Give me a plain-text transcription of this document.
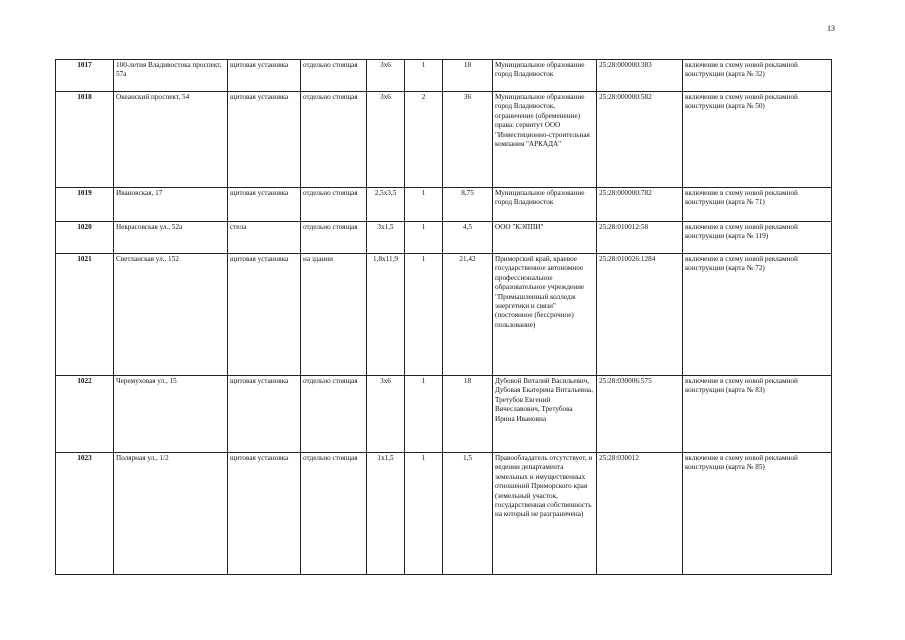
13
1017	100-летия Владивостока проспект, 57а	щитовая установка	отдельно стоящая	3x6	1	18	Муниципальное образование город Владивосток	25:28:000000:383	включение в схему новой рекламной конструкции (карта № 32)
1018	Океанский проспект, 54	щитовая установка	отдельно стоящая	3x6	2	36	Муниципальное образование город Владивосток, ограничение (обременение) права: сервитут ООО "Инвестиционно-строительная компания "АРКАДА"	25:28:000000:582	включение в схему новой рекламной конструкции (карта № 50)
1019	Ивановская, 17	щитовая установка	отдельно стоящая	2,5x3,5	1	8,75	Муниципальное образование город Владивосток	25:28:000000:782	включение в схему новой рекламной конструкции (карта № 71)
1020	Некрасовская ул., 52а	стела	отдельно стоящая	3x1,5	1	4,5	ООО "КЭППИ"	25:28:010012:58	включение в схему новой рекламной конструкции (карта № 119)
1021	Светланская ул., 152	щитовая установка	на здании	1,8x11,9	1	21,42	Приморский край, краевое государственное автономное профессиональное образовательное учреждение "Промышленный колледж энергетики и связи" (постоянное (бессрочное) пользование)	25:28:010026:1284	включение в схему новой рекламной конструкции (карта № 72)
1022	Черемуховая ул., 15	щитовая установка	отдельно стоящая	3x6	1	18	Дубовой Виталий Васильевич, Дубовая Екатерина Витальевна, Третубов Евгений Вячеславович, Третубова Ирина Ивановна	25:28:030006:575	включение в схему новой рекламной конструкции (карта № 83)
1023	Полярная ул., 1/2	щитовая установка	отдельно стоящая	1x1,5	1	1,5	Правообладатель отсутствует, и ведении департамента земельных и имущественных отношений Приморского края (земельный участок, государственная собственность на который не разграничена)	25:28:030012	включение в схему новой рекламной конструкции (карта № 85)
